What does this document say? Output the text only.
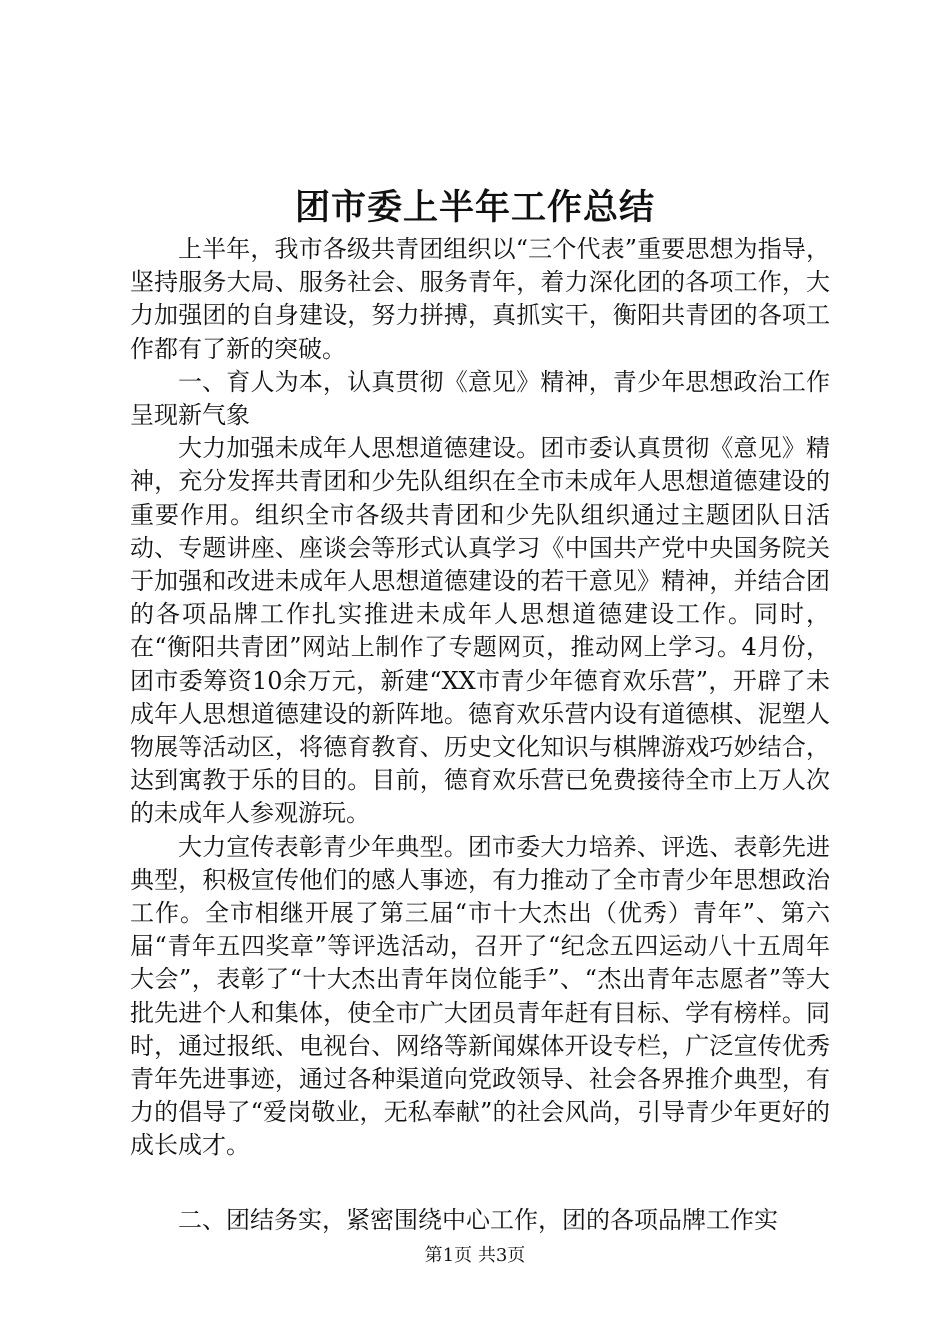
团市委上半年工作总结

上半年，我市各级共青团组织以“三个代表”重要思想为指导，坚持服务大局、服务社会、服务青年，着力深化团的各项工作，大力加强团的自身建设，努力拼搏，真抓实干，衡阳共青团的各项工作都有了新的突破。

一、育人为本，认真贯彻《意见》精神，青少年思想政治工作呈现新气象

大力加强未成年人思想道德建设。团市委认真贯彻《意见》精神，充分发挥共青团和少先队组织在全市未成年人思想道德建设的重要作用。组织全市各级共青团和少先队组织通过主题团队日活动、专题讲座、座谈会等形式认真学习《中国共产党中央国务院关于加强和改进未成年人思想道德建设的若干意见》精神，并结合团的各项品牌工作扎实推进未成年人思想道德建设工作。同时，在“衡阳共青团”网站上制作了专题网页，推动网上学习。4月份，团市委筹资10余万元，新建“XX市青少年德育欢乐营”，开辟了未成年人思想道德建设的新阵地。德育欢乐营内设有道德棋、泥塑人物展等活动区，将德育教育、历史文化知识与棋牌游戏巧妙结合，达到寓教于乐的目的。目前，德育欢乐营已免费接待全市上万人次的未成年人参观游玩。

大力宣传表彰青少年典型。团市委大力培养、评选、表彰先进典型，积极宣传他们的感人事迹，有力推动了全市青少年思想政治工作。全市相继开展了第三届“市十大杰出（优秀）青年”、第六届“青年五四奖章”等评选活动，召开了“纪念五四运动八十五周年大会”，表彰了“十大杰出青年岗位能手”、“杰出青年志愿者”等大批先进个人和集体，使全市广大团员青年赶有目标、学有榜样。同时，通过报纸、电视台、网络等新闻媒体开设专栏，广泛宣传优秀青年先进事迹，通过各种渠道向党政领导、社会各界推介典型，有力的倡导了“爱岗敬业，无私奉献”的社会风尚，引导青少年更好的成长成才。

二、团结务实，紧密围绕中心工作，团的各项品牌工作实

第1页 共3页
